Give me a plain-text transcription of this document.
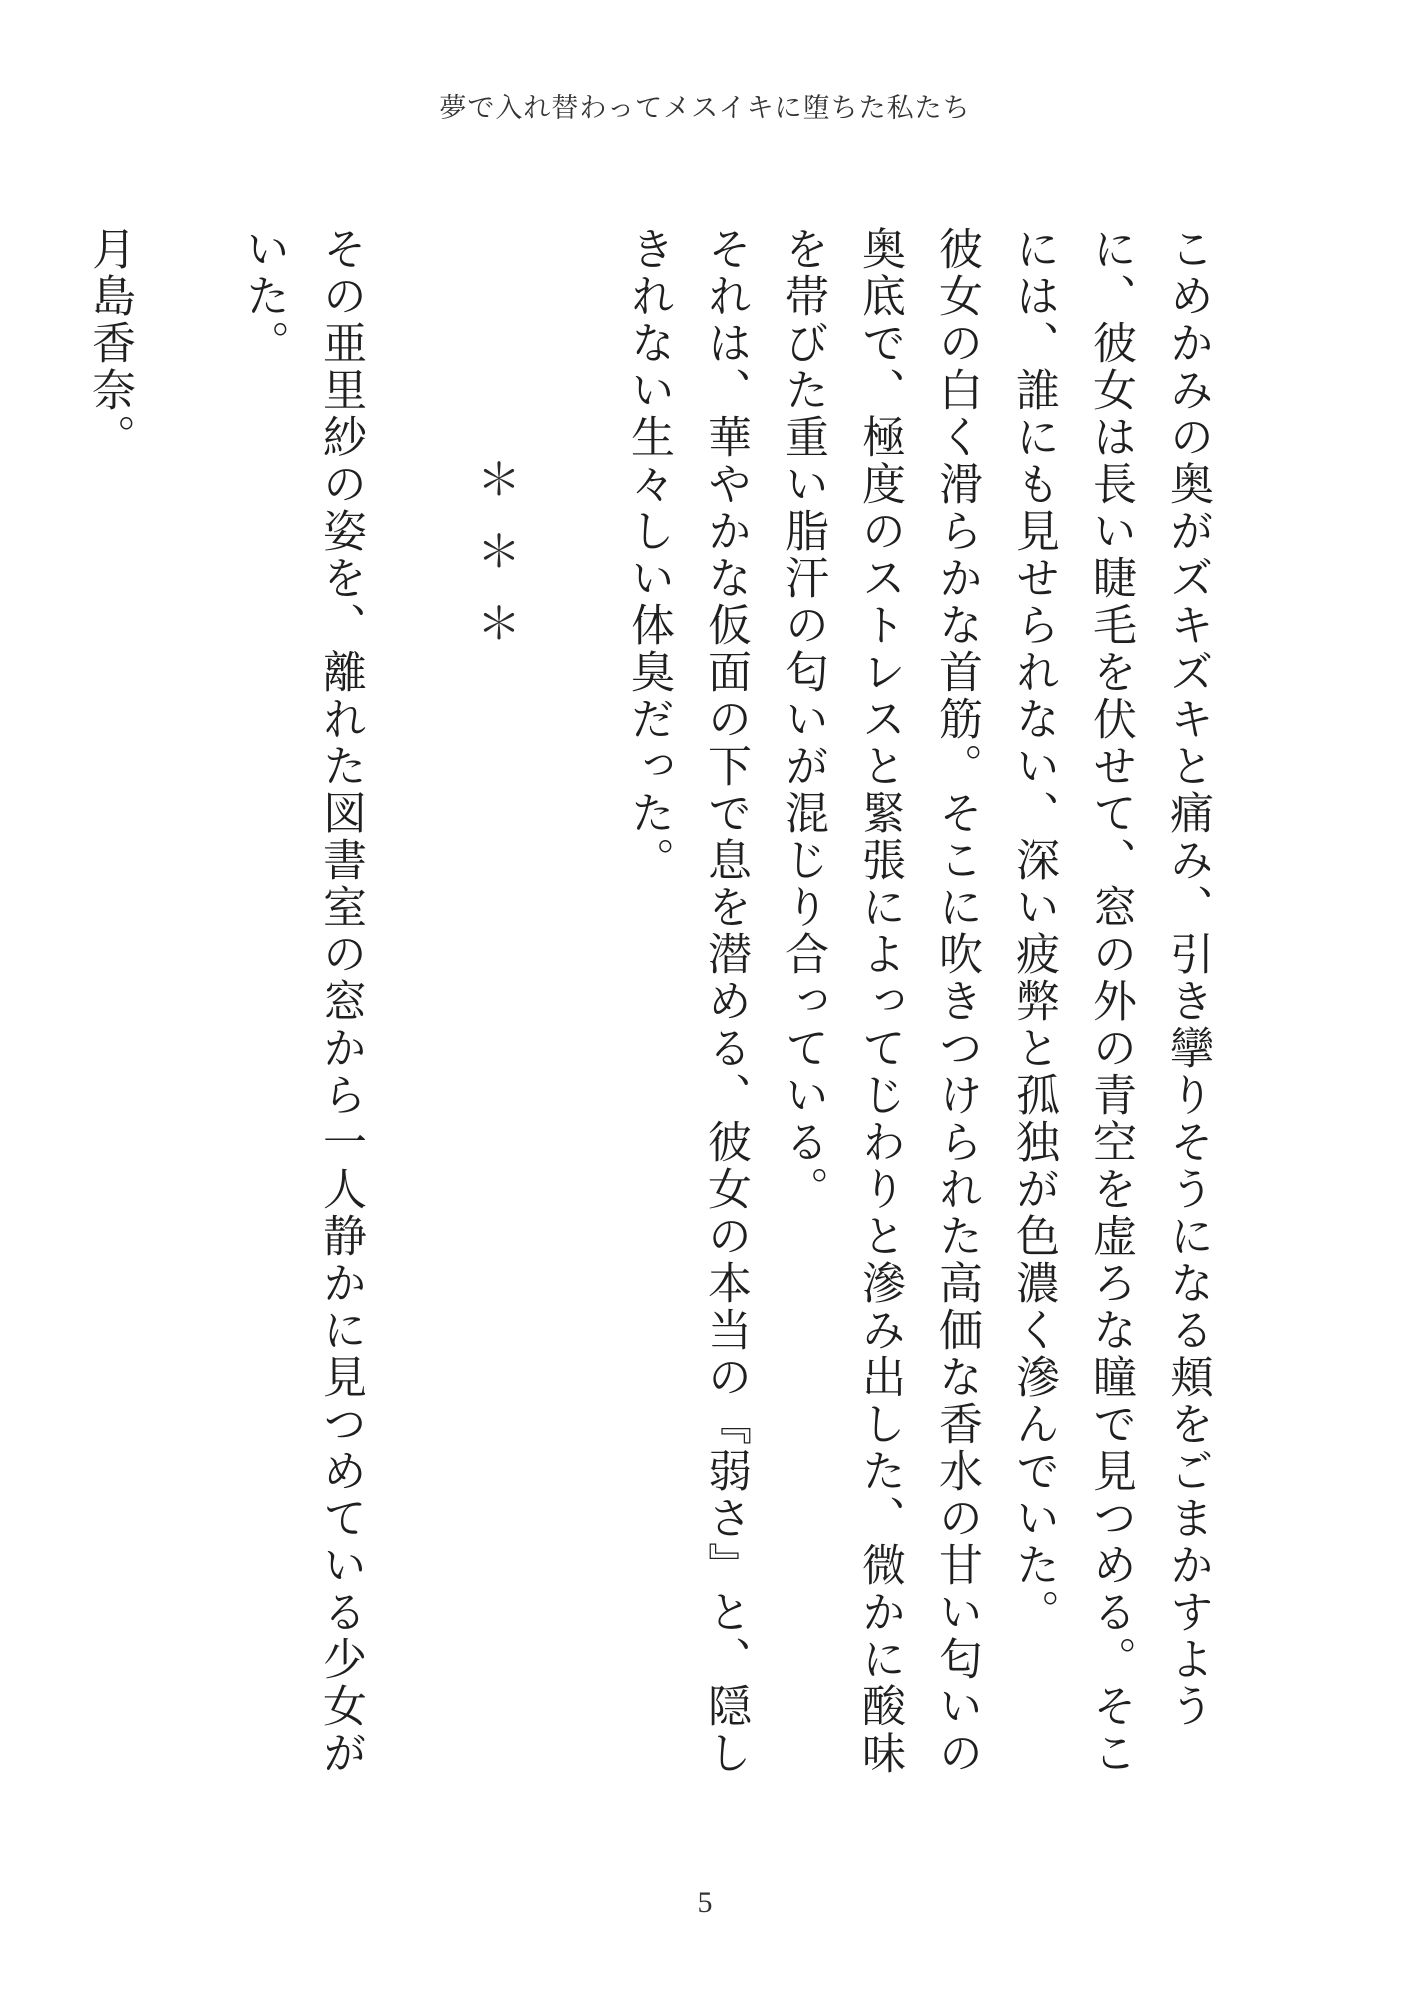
夢で入れ替わってメスイキに堕ちた私たち

こめかみの奥がズキズキと痛み、引き攣りそうになる頬をごまかすように、彼女は長い睫毛を伏せて、窓の外の青空を虚ろな瞳で見つめる。そこには、誰にも見せられない、深い疲弊と孤独が色濃く滲んでいた。

彼女の白く滑らかな首筋。そこに吹きつけられた高価な香水の甘い匂いの奥底で、極度のストレスと緊張によってじわりと滲み出した、微かに酸味を帯びた重い脂汗の匂いが混じり合っている。

それは、華やかな仮面の下で息を潜める、彼女の本当の『弱さ』と、隠しきれない生々しい体臭だった。

＊＊＊

その亜里紗の姿を、離れた図書室の窓から一人静かに見つめている少女がいた。

月島香奈。

5
